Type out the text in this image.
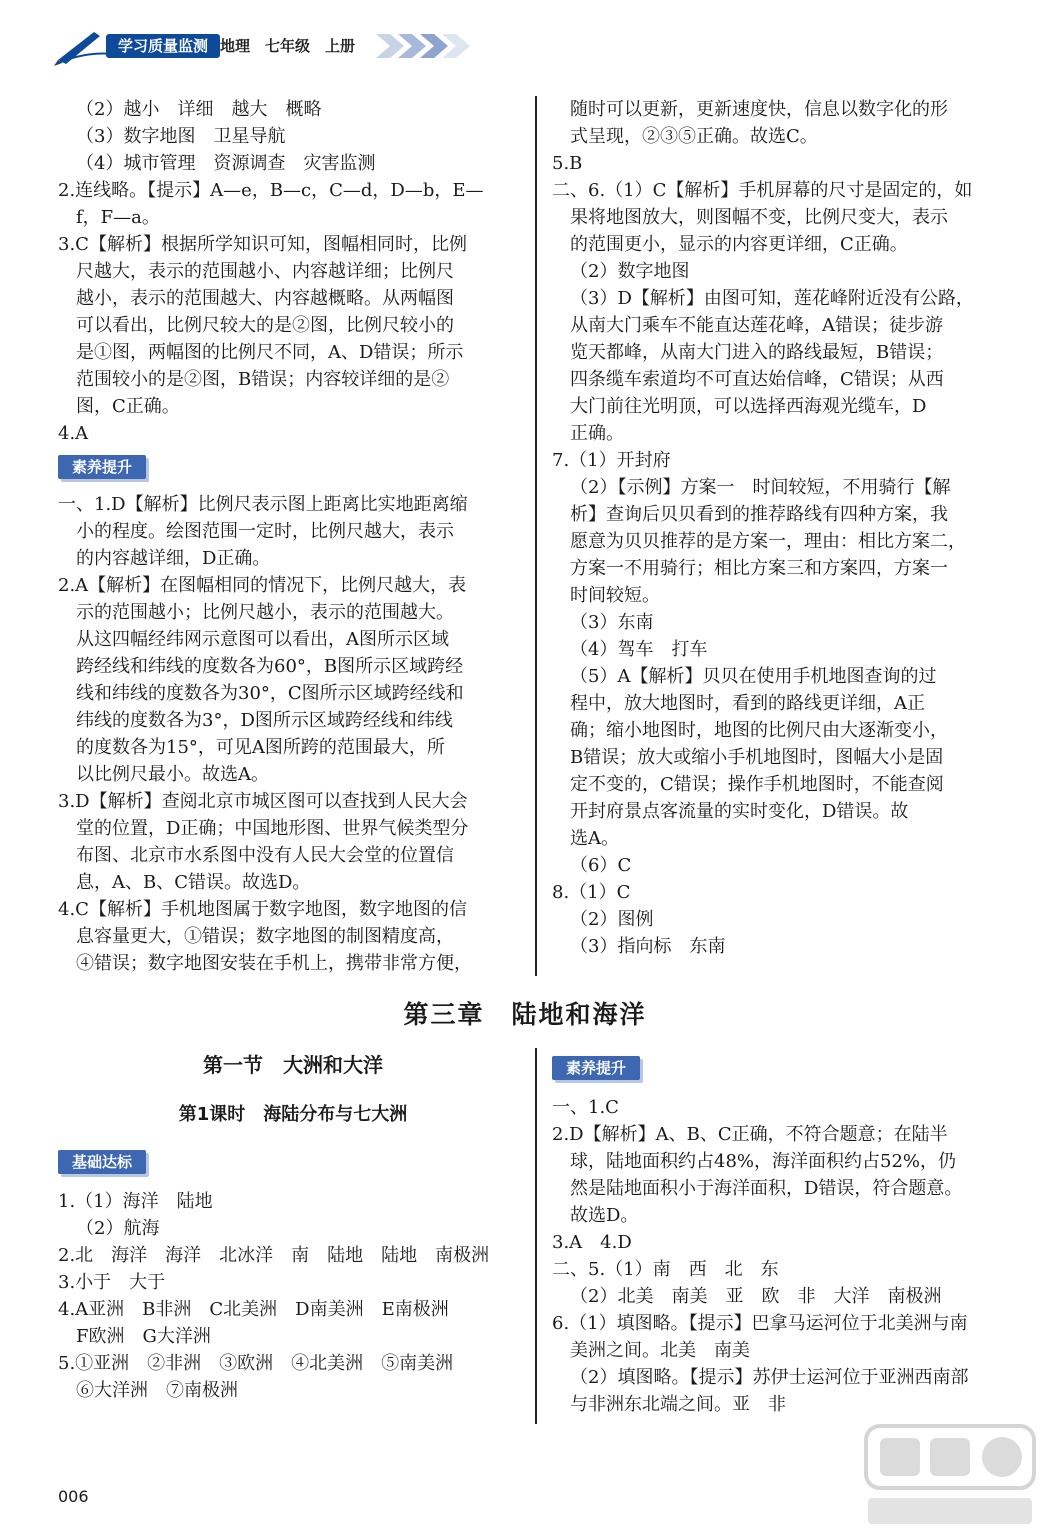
学习质量监测 地理　七年级　上册

（2）越小　详细　越大　概略

（3）数字地图　卫星导航

（4）城市管理　资源调查　灾害监测

2.连线略。【提示】A—e，B—c，C—d，D—b，E—

f，F—a。

3.C【解析】根据所学知识可知，图幅相同时，比例

尺越大，表示的范围越小、内容越详细；比例尺

越小，表示的范围越大、内容越概略。从两幅图

可以看出，比例尺较大的是②图，比例尺较小的

是①图，两幅图的比例尺不同，A、D错误；所示

范围较小的是②图，B错误；内容较详细的是②

图，C正确。

4.A

素养提升

一、1.D【解析】比例尺表示图上距离比实地距离缩

小的程度。绘图范围一定时，比例尺越大，表示

的内容越详细，D正确。

2.A【解析】在图幅相同的情况下，比例尺越大，表

示的范围越小；比例尺越小，表示的范围越大。

从这四幅经纬网示意图可以看出，A图所示区域

跨经线和纬线的度数各为60°，B图所示区域跨经

线和纬线的度数各为30°，C图所示区域跨经线和

纬线的度数各为3°，D图所示区域跨经线和纬线

的度数各为15°，可见A图所跨的范围最大，所

以比例尺最小。故选A。

3.D【解析】查阅北京市城区图可以查找到人民大会

堂的位置，D正确；中国地形图、世界气候类型分

布图、北京市水系图中没有人民大会堂的位置信

息，A、B、C错误。故选D。

4.C【解析】手机地图属于数字地图，数字地图的信

息容量更大，①错误；数字地图的制图精度高，

④错误；数字地图安装在手机上，携带非常方便，

随时可以更新，更新速度快，信息以数字化的形

式呈现，②③⑤正确。故选C。

5.B

二、6.（1）C【解析】手机屏幕的尺寸是固定的，如

果将地图放大，则图幅不变，比例尺变大，表示

的范围更小，显示的内容更详细，C正确。

（2）数字地图

（3）D【解析】由图可知，莲花峰附近没有公路，

从南大门乘车不能直达莲花峰，A错误；徒步游

览天都峰，从南大门进入的路线最短，B错误；

四条缆车索道均不可直达始信峰，C错误；从西

大门前往光明顶，可以选择西海观光缆车，D

正确。

7.（1）开封府

（2）【示例】方案一　时间较短，不用骑行【解

析】查询后贝贝看到的推荐路线有四种方案，我

愿意为贝贝推荐的是方案一，理由：相比方案二，

方案一不用骑行；相比方案三和方案四，方案一

时间较短。

（3）东南

（4）驾车　打车

（5）A【解析】贝贝在使用手机地图查询的过

程中，放大地图时，看到的路线更详细，A正

确；缩小地图时，地图的比例尺由大逐渐变小，

B错误；放大或缩小手机地图时，图幅大小是固

定不变的，C错误；操作手机地图时，不能查阅

开封府景点客流量的实时变化，D错误。故

选A。

（6）C

8.（1）C

（2）图例

（3）指向标　东南

第三章　陆地和海洋
第一节　大洲和大洋
第1课时　海陆分布与七大洲
基础达标

1.（1）海洋　陆地

（2）航海

2.北　海洋　海洋　北冰洋　南　陆地　陆地　南极洲

3.小于　大于

4.A亚洲　B非洲　C北美洲　D南美洲　E南极洲

F欧洲　G大洋洲

5.①亚洲　②非洲　③欧洲　④北美洲　⑤南美洲

⑥大洋洲　⑦南极洲

素养提升

一、1.C

2.D【解析】A、B、C正确，不符合题意；在陆半

球，陆地面积约占48%，海洋面积约占52%，仍

然是陆地面积小于海洋面积，D错误，符合题意。

故选D。

3.A　4.D

二、5.（1）南　西　北　东

（2）北美　南美　亚　欧　非　大洋　南极洲

6.（1）填图略。【提示】巴拿马运河位于北美洲与南

美洲之间。北美　南美

（2）填图略。【提示】苏伊士运河位于亚洲西南部

与非洲东北端之间。亚　非

006
